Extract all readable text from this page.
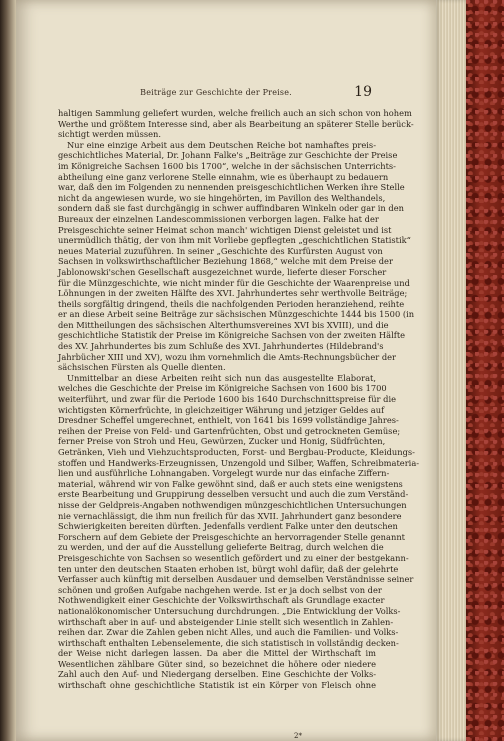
Beiträge zur Geschichte der Preise.	19
haltigen Sammlung geliefert wurden, welche freilich auch an sich schon von hohem
Werthe und größtem Interesse sind, aber als Bearbeitung an späterer Stelle berück-
sichtigt werden müssen.
Nur eine einzige Arbeit aus dem Deutschen Reiche bot namhaftes preis-
geschichtliches Material, Dr. Johann Falke's „Beiträge zur Geschichte der Preise
im Königreiche Sachsen 1600 bis 1700“, welche in der sächsischen Unterrichts-
abtheilung eine ganz verlorene Stelle einnahm, wie es überhaupt zu bedauern
war, daß den im Folgenden zu nennenden preisgeschichtlichen Werken ihre Stelle
nicht da angewiesen wurde, wo sie hingehörten, im Pavillon des Welthandels,
sondern daß sie fast durchgängig in schwer auffindbaren Winkeln oder gar in den
Bureaux der einzelnen Landescommissionen verborgen lagen. Falke hat der
Preisgeschichte seiner Heimat schon manch' wichtigen Dienst geleistet und ist
unermüdlich thätig, der von ihm mit Vorliebe gepflegten „geschichtlichen Statistik“
neues Material zuzuführen. In seiner „Geschichte des Kurfürsten August von
Sachsen in volkswirthschaftlicher Beziehung 1868,“ welche mit dem Preise der
Jablonowski'schen Gesellschaft ausgezeichnet wurde, lieferte dieser Forscher
für die Münzgeschichte, wie nicht minder für die Geschichte der Waarenpreise und
Löhnungen in der zweiten Hälfte des XVI. Jahrhundertes sehr werthvolle Beiträge;
theils sorgfältig dringend, theils die nachfolgenden Perioden heranziehend, reihte
er an diese Arbeit seine Beiträge zur sächsischen Münzgeschichte 1444 bis 1500 (in
den Mittheilungen des sächsischen Alterthumsvereines XVI bis XVIII), und die
geschichtliche Statistik der Preise im Königreiche Sachsen von der zweiten Hälfte
des XV. Jahrhundertes bis zum Schluße des XVI. Jahrhundertes (Hildebrand's
Jahrbücher XIII und XV), wozu ihm vornehmlich die Amts-Rechnungsbücher der
sächsischen Fürsten als Quelle dienten.
Unmittelbar an diese Arbeiten reiht sich nun das ausgestellte Elaborat,
welches die Geschichte der Preise im Königreiche Sachsen von 1600 bis 1700
weiterführt, und zwar für die Periode 1600 bis 1640 Durchschnittspreise für die
wichtigsten Körnerfrüchte, in gleichzeitiger Währung und jetziger Geldes auf
Dresdner Scheffel umgerechnet, enthielt, von 1641 bis 1699 vollständige Jahres-
reihen der Preise von Feld- und Gartenfrüchten, Obst und getrockneten Gemüse;
ferner Preise von Stroh und Heu, Gewürzen, Zucker und Honig, Südfrüchten,
Getränken, Vieh und Viehzuchtsproducten, Forst- und Bergbau-Producte, Kleidungs-
stoffen und Handwerks-Erzeugnissen, Unzengold und Silber, Waffen, Schreibmateria-
lien und ausführliche Lohnangaben. Vorgelegt wurde nur das einfache Ziffern-
material, während wir von Falke gewöhnt sind, daß er auch stets eine wenigstens
erste Bearbeitung und Gruppirung desselben versucht und auch die zum Verständ-
nisse der Geldpreis-Angaben nothwendigen münzgeschichtlichen Untersuchungen
nie vernachlässigt, die ihm nun freilich für das XVII. Jahrhundert ganz besondere
Schwierigkeiten bereiten dürften. Jedenfalls verdient Falke unter den deutschen
Forschern auf dem Gebiete der Preisgeschichte an hervorragender Stelle genannt
zu werden, und der auf die Ausstellung gelieferte Beitrag, durch welchen die
Preisgeschichte von Sachsen so wesentlich gefördert und zu einer der bestgekann-
ten unter den deutschen Staaten erhoben ist, bürgt wohl dafür, daß der gelehrte
Verfasser auch künftig mit derselben Ausdauer und demselben Verständnisse seiner
schönen und großen Aufgabe nachgehen werde. Ist er ja doch selbst von der
Nothwendigkeit einer Geschichte der Volkswirthschaft als Grundlage exacter
nationalökonomischer Untersuchung durchdrungen. „Die Entwicklung der Volks-
wirthschaft aber in auf- und absteigender Linie stellt sich wesentlich in Zahlen-
reihen dar. Zwar die Zahlen geben nicht Alles, und auch die Familien- und Volks-
wirthschaft enthalten Lebenselemente, die sich statistisch in vollständig decken-
der Weise nicht darlegen lassen. Da aber die Mittel der Wirthschaft im
Wesentlichen zählbare Güter sind, so bezeichnet die höhere oder niedere
Zahl auch den Auf- und Niedergang derselben. Eine Geschichte der Volks-
wirthschaft ohne geschichtliche Statistik ist ein Körper von Fleisch ohne
2*
